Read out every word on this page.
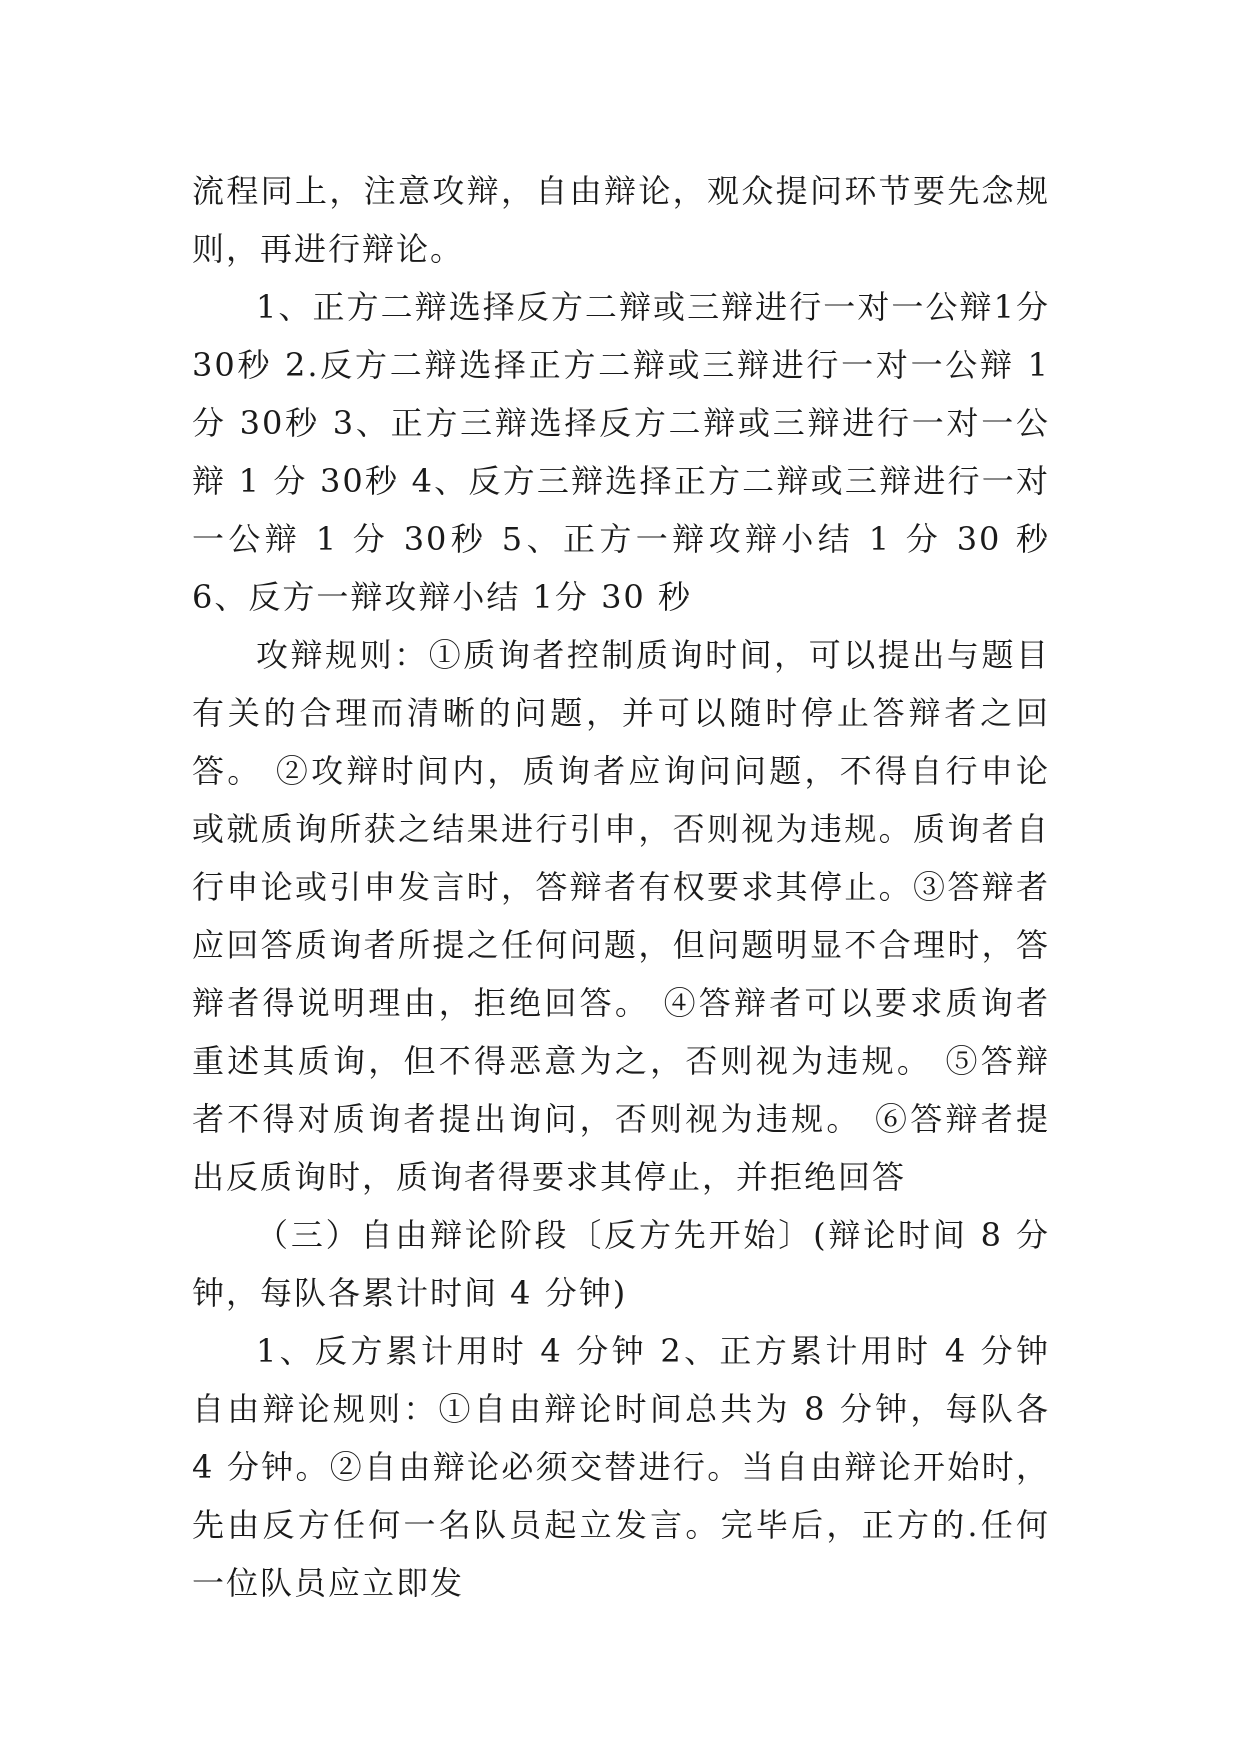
流程同上，注意攻辩，自由辩论，观众提问环节要先念规则，再进行辩论。

1、正方二辩选择反方二辩或三辩进行一对一公辩1分30秒 2.反方二辩选择正方二辩或三辩进行一对一公辩 1 分 30秒 3、正方三辩选择反方二辩或三辩进行一对一公辩 1 分 30秒 4、反方三辩选择正方二辩或三辩进行一对一公辩 1 分 30秒 5、正方一辩攻辩小结 1 分 30 秒 6、反方一辩攻辩小结 1分 30 秒

攻辩规则：①质询者控制质询时间，可以提出与题目有关的合理而清晰的问题，并可以随时停止答辩者之回答。 ②攻辩时间内，质询者应询问问题，不得自行申论或就质询所获之结果进行引申，否则视为违规。质询者自行申论或引申发言时，答辩者有权要求其停止。③答辩者应回答质询者所提之任何问题，但问题明显不合理时，答辩者得说明理由，拒绝回答。 ④答辩者可以要求质询者重述其质询，但不得恶意为之，否则视为违规。 ⑤答辩者不得对质询者提出询问，否则视为违规。 ⑥答辩者提出反质询时，质询者得要求其停止，并拒绝回答

（三）自由辩论阶段〔反方先开始〕(辩论时间 8 分钟，每队各累计时间 4 分钟)

1、反方累计用时 4 分钟 2、正方累计用时 4 分钟自由辩论规则：①自由辩论时间总共为 8 分钟，每队各 4 分钟。②自由辩论必须交替进行。当自由辩论开始时，先由反方任何一名队员起立发言。完毕后，正方的.任何一位队员应立即发
